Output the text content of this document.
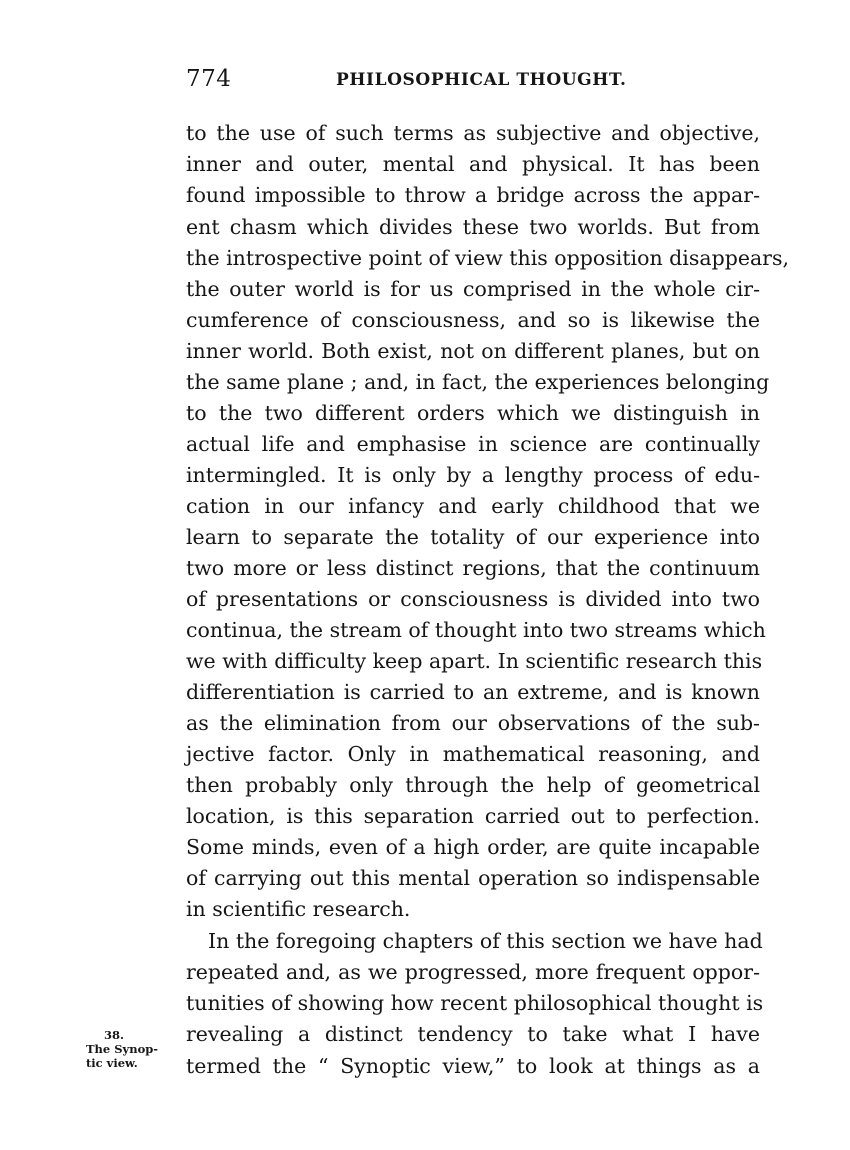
774	PHILOSOPHICAL THOUGHT.
to the use of such terms as subjective and objective,
inner and outer, mental and physical. It has been
found impossible to throw a bridge across the appar-
ent chasm which divides these two worlds. But from
the introspective point of view this opposition disappears,
the outer world is for us comprised in the whole cir-
cumference of consciousness, and so is likewise the
inner world. Both exist, not on different planes, but on
the same plane ; and, in fact, the experiences belonging
to the two different orders which we distinguish in
actual life and emphasise in science are continually
intermingled. It is only by a lengthy process of edu-
cation in our infancy and early childhood that we
learn to separate the totality of our experience into
two more or less distinct regions, that the continuum
of presentations or consciousness is divided into two
continua, the stream of thought into two streams which
we with difficulty keep apart. In scientific research this
differentiation is carried to an extreme, and is known
as the elimination from our observations of the sub-
jective factor. Only in mathematical reasoning, and
then probably only through the help of geometrical
location, is this separation carried out to perfection.
Some minds, even of a high order, are quite incapable
of carrying out this mental operation so indispensable
in scientific research.
In the foregoing chapters of this section we have had
repeated and, as we progressed, more frequent oppor-
tunities of showing how recent philosophical thought is
revealing a distinct tendency to take what I have
termed the “ Synoptic view,” to look at things as a
38.
The Synop-
tic view.
